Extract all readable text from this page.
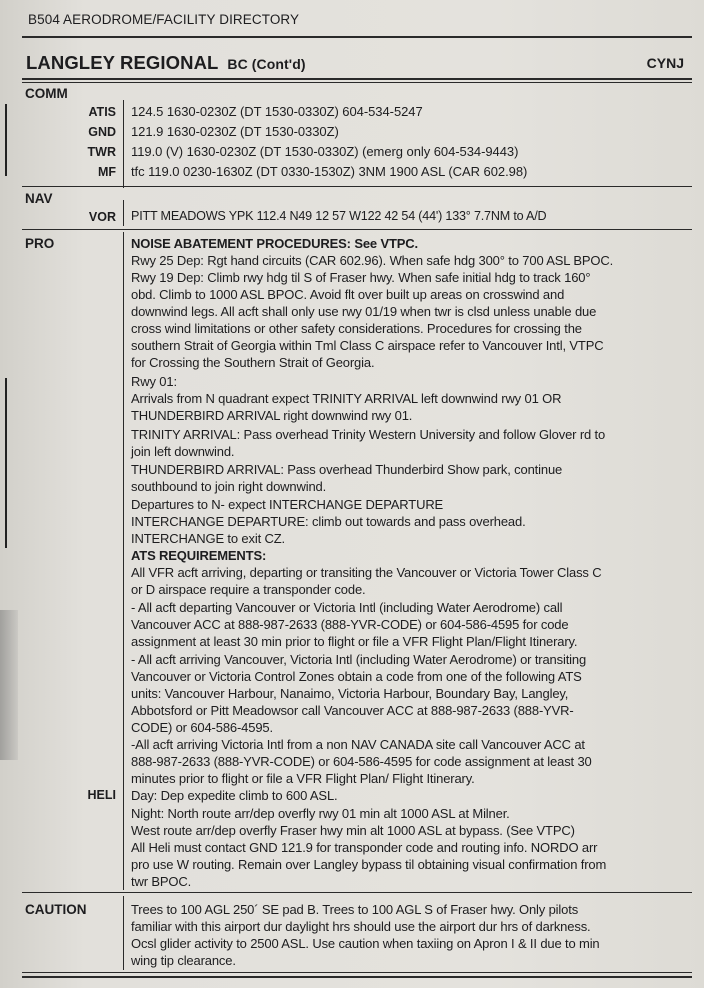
B504 AERODROME/FACILITY DIRECTORY
LANGLEY REGIONAL BC (Cont'd)	CYNJ
COMM
ATIS 124.5 1630-0230Z (DT 1530-0330Z) 604-534-5247
GND 121.9 1630-0230Z (DT 1530-0330Z)
TWR 119.0 (V) 1630-0230Z (DT 1530-0330Z) (emerg only 604-534-9443)
MF tfc 119.0 0230-1630Z (DT 0330-1530Z) 3NM 1900 ASL (CAR 602.98)
NAV
VOR PITT MEADOWS YPK 112.4 N49 12 57 W122 42 54 (44') 133° 7.7NM to A/D
PRO
HELI
NOISE ABATEMENT PROCEDURES: See VTPC.
Rwy 25 Dep: Rgt hand circuits (CAR 602.96). When safe hdg 300° to 700 ASL BPOC.
Rwy 19 Dep: Climb rwy hdg til S of Fraser hwy. When safe initial hdg to track 160°
obd. Climb to 1000 ASL BPOC. Avoid flt over built up areas on crosswind and
downwind legs. All acft shall only use rwy 01/19 when twr is clsd unless unable due
cross wind limitations or other safety considerations. Procedures for crossing the
southern Strait of Georgia within Tml Class C airspace refer to Vancouver Intl, VTPC
for Crossing the Southern Strait of Georgia.
Rwy 01:
Arrivals from N quadrant expect TRINITY ARRIVAL left downwind rwy 01 OR
THUNDERBIRD ARRIVAL right downwind rwy 01.
TRINITY ARRIVAL: Pass overhead Trinity Western University and follow Glover rd to
join left downwind.
THUNDERBIRD ARRIVAL: Pass overhead Thunderbird Show park, continue
southbound to join right downwind.
Departures to N- expect INTERCHANGE DEPARTURE
INTERCHANGE DEPARTURE: climb out towards and pass overhead.
INTERCHANGE to exit CZ.
ATS REQUIREMENTS:
All VFR acft arriving, departing or transiting the Vancouver or Victoria Tower Class C
or D airspace require a transponder code.
- All acft departing Vancouver or Victoria Intl (including Water Aerodrome) call
Vancouver ACC at 888-987-2633 (888-YVR-CODE) or 604-586-4595 for code
assignment at least 30 min prior to flight or file a VFR Flight Plan/Flight Itinerary.
- All acft arriving Vancouver, Victoria Intl (including Water Aerodrome) or transiting
Vancouver or Victoria Control Zones obtain a code from one of the following ATS
units: Vancouver Harbour, Nanaimo, Victoria Harbour, Boundary Bay, Langley,
Abbotsford or Pitt Meadowsor call Vancouver ACC at 888-987-2633 (888-YVR-
CODE) or 604-586-4595.
-All acft arriving Victoria Intl from a non NAV CANADA site call Vancouver ACC at
888-987-2633 (888-YVR-CODE) or 604-586-4595 for code assignment at least 30
minutes prior to flight or file a VFR Flight Plan/ Flight Itinerary.
Day: Dep expedite climb to 600 ASL.
Night: North route arr/dep overfly rwy 01 min alt 1000 ASL at Milner.
West route arr/dep overfly Fraser hwy min alt 1000 ASL at bypass. (See VTPC)
All Heli must contact GND 121.9 for transponder code and routing info. NORDO arr
pro use W routing. Remain over Langley bypass til obtaining visual confirmation from
twr BPOC.
CAUTION	Trees to 100 AGL 250´ SE pad B. Trees to 100 AGL S of Fraser hwy. Only pilots
familiar with this airport dur daylight hrs should use the airport dur hrs of darkness.
Ocsl glider activity to 2500 ASL. Use caution when taxiing on Apron I & II due to min
wing tip clearance.
